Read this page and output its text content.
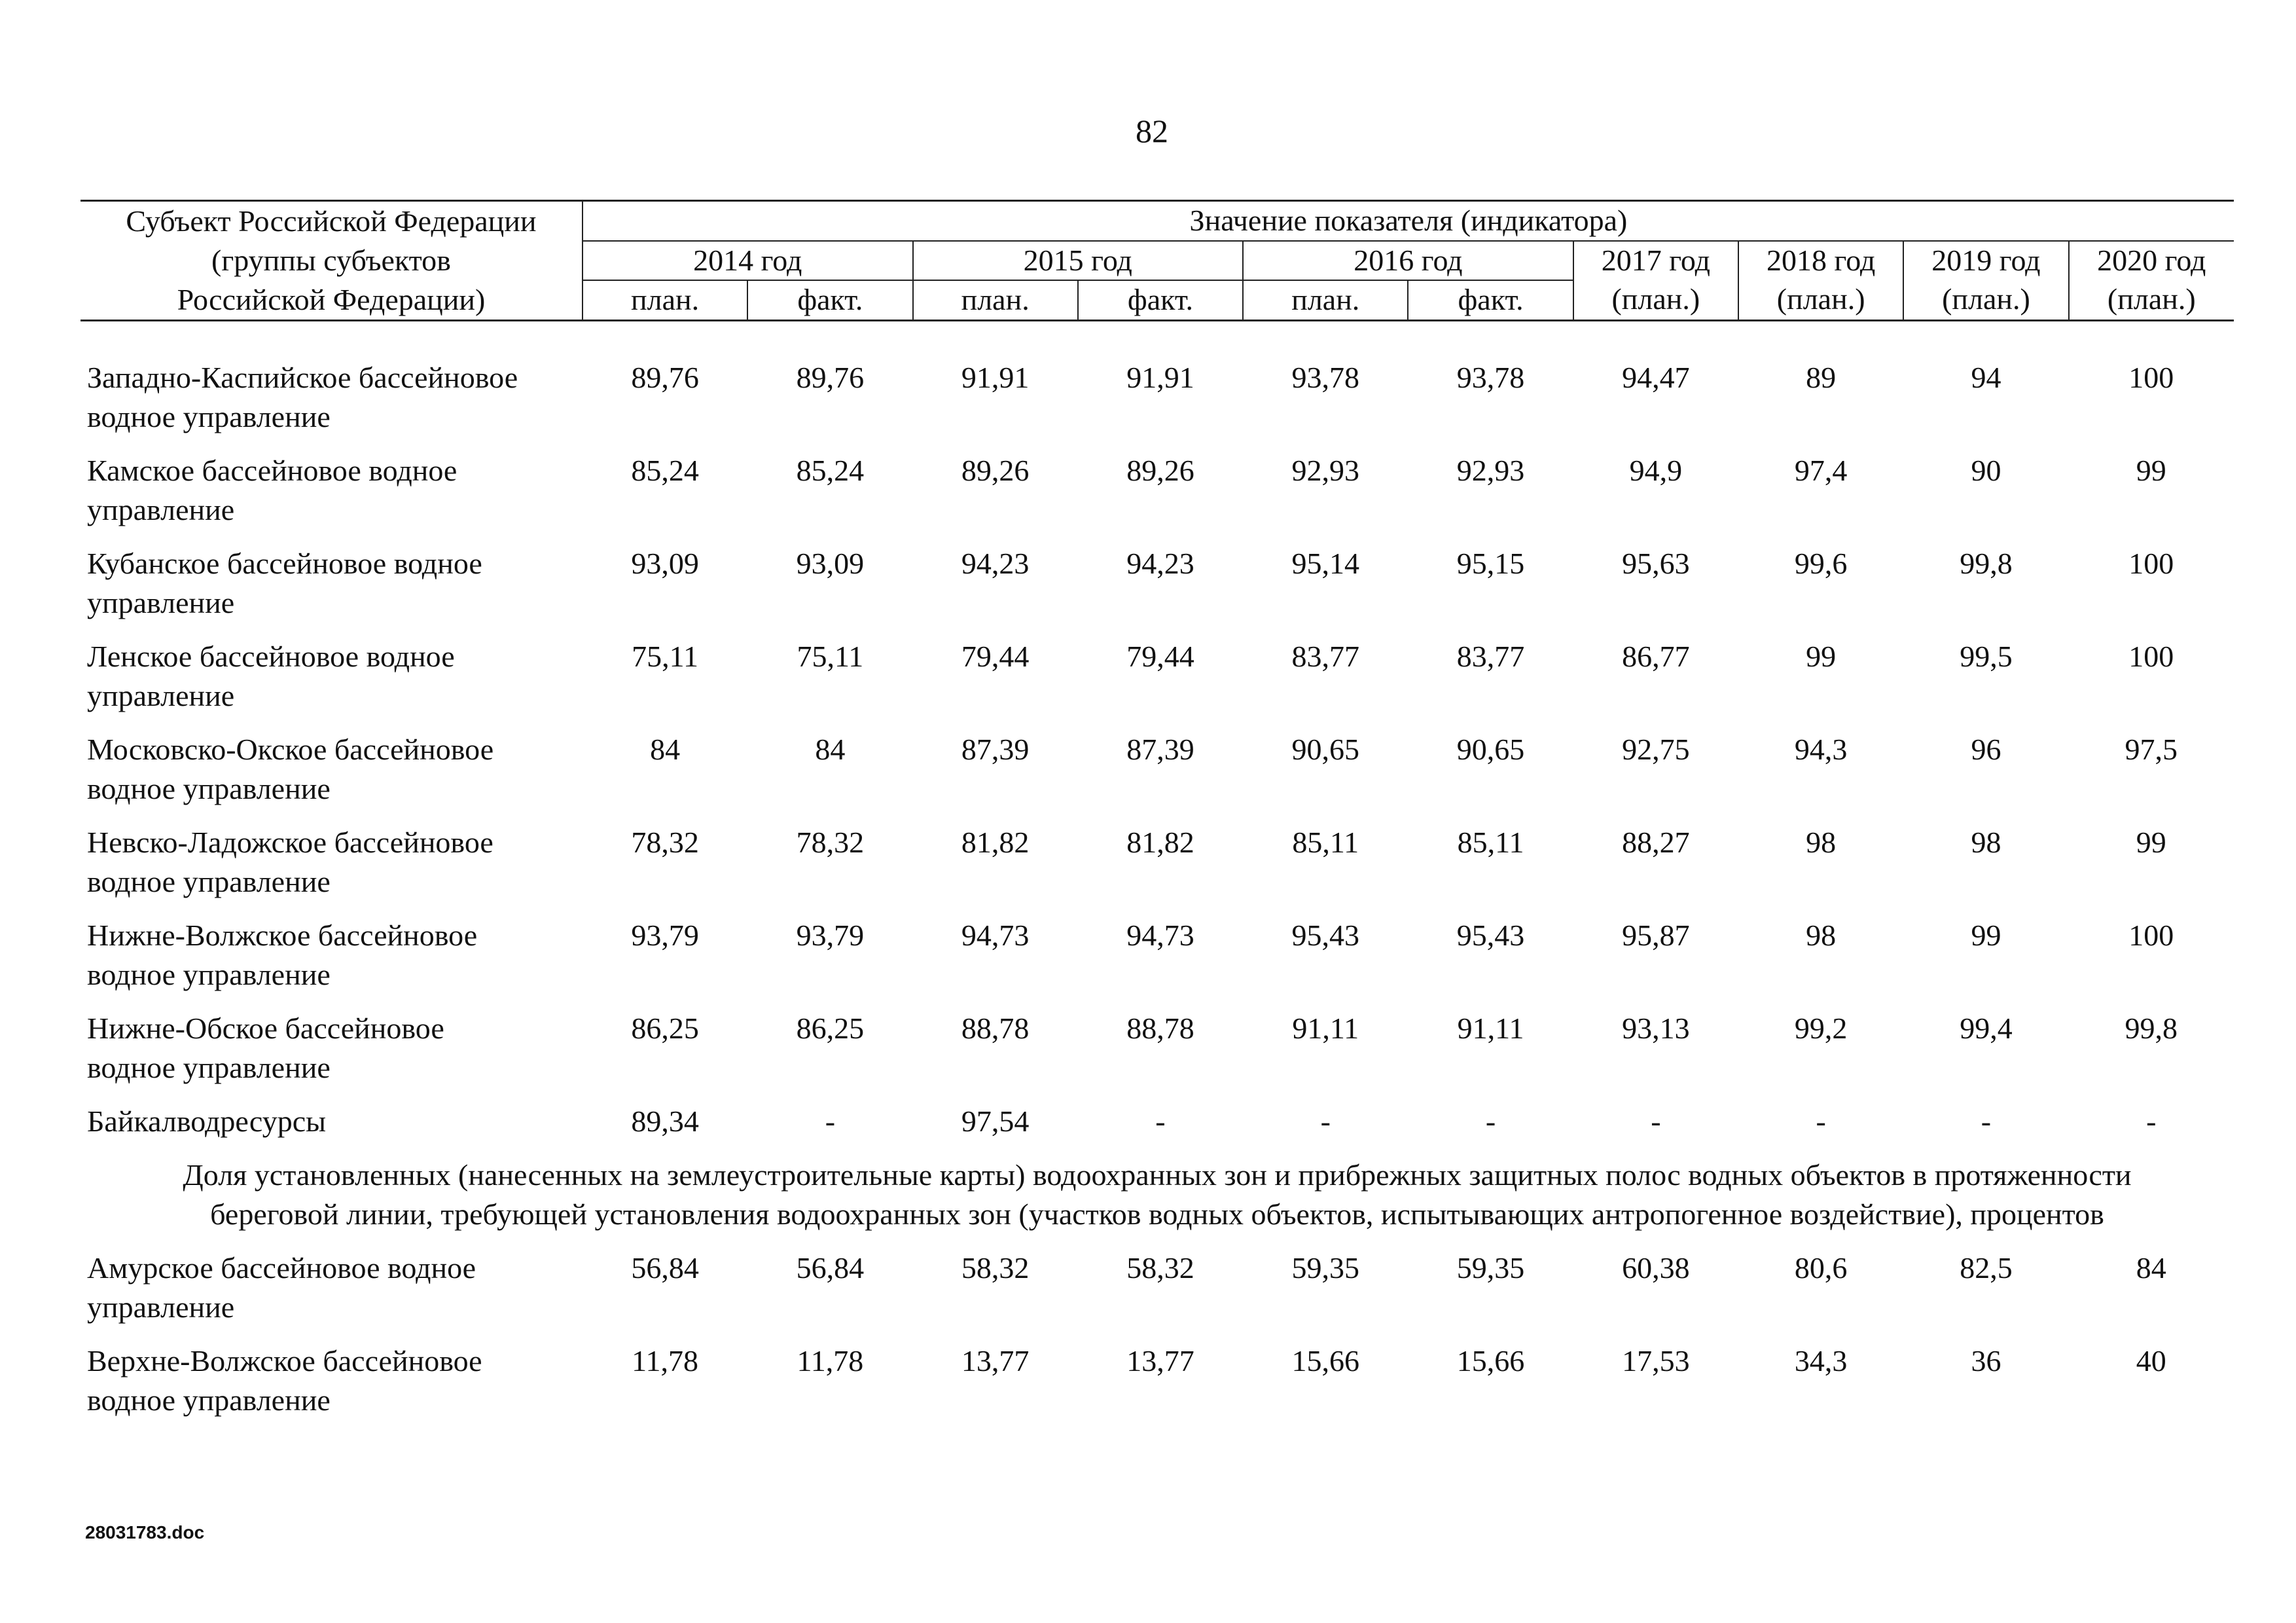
82
Субъект Российской Федерации
(группы субъектов
Российской Федерации)	Значение показателя (индикатора)									
	2014 год		2015 год		2016 год		2017 год	2018 год	2019 год	2020 год
	план.	факт.	план.	факт.	план.	факт.	(план.)	(план.)	(план.)	(план.)

Западно-Каспийское бассейновое
водное управление	89,76	89,76	91,91	91,91	93,78	93,78	94,47	89	94	100

Камское бассейновое водное
управление	85,24	85,24	89,26	89,26	92,93	92,93	94,9	97,4	90	99

Кубанское бассейновое водное
управление	93,09	93,09	94,23	94,23	95,14	95,15	95,63	99,6	99,8	100

Ленское бассейновое водное
управление	75,11	75,11	79,44	79,44	83,77	83,77	86,77	99	99,5	100

Московско-Окское бассейновое
водное управление	84	84	87,39	87,39	90,65	90,65	92,75	94,3	96	97,5

Невско-Ладожское бассейновое
водное управление	78,32	78,32	81,82	81,82	85,11	85,11	88,27	98	98	99

Нижне-Волжское бассейновое
водное управление	93,79	93,79	94,73	94,73	95,43	95,43	95,87	98	99	100

Нижне-Обское бассейновое
водное управление	86,25	86,25	88,78	88,78	91,11	91,11	93,13	99,2	99,4	99,8

Байкалводресурсы	89,34	-	97,54	-	-	-	-	-	-	-

Доля установленных (нанесенных на землеустроительные карты) водоохранных зон и прибрежных защитных полос водных объектов в протяженности
береговой линии, требующей установления водоохранных зон (участков водных объектов, испытывающих антропогенное воздействие), процентов										

Амурское бассейновое водное
управление	56,84	56,84	58,32	58,32	59,35	59,35	60,38	80,6	82,5	84

Верхне-Волжское бассейновое
водное управление	11,78	11,78	13,77	13,77	15,66	15,66	17,53	34,3	36	40
28031783.doc
